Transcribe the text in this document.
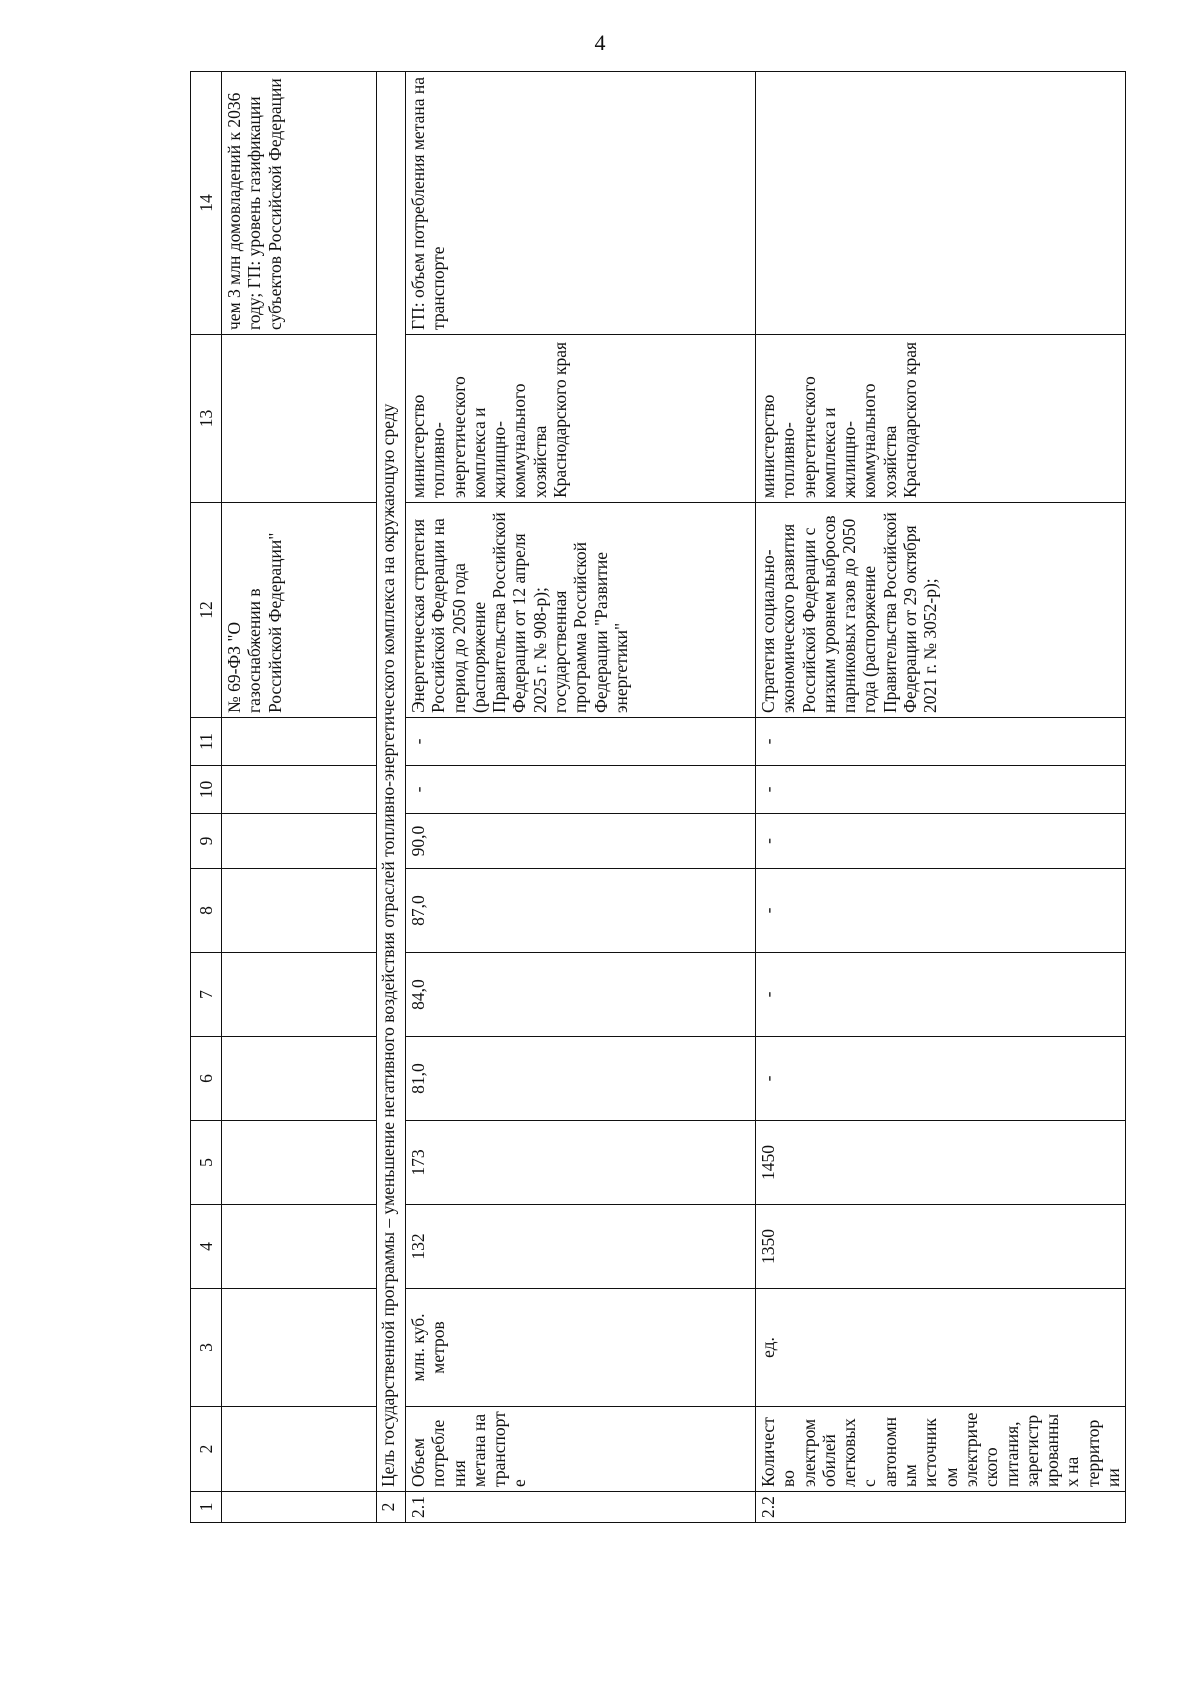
4
1	2	3	4	5	6	7	8	9	10	11	12	13	14
											№ 69-ФЗ "О газоснабжении в Российской Федерации"		чем 3 млн домовладений к 2036 году; ГП: уровень газификации субъектов Российской Федерации
2	Цель государственной программы – уменьшение негативного воздействия отраслей топливно-энергетического комплекса на окружающую среду												
2.1	Объем потребления метана на транспорте	млн. куб. метров	132	173	81,0	84,0	87,0	90,0	-	-	Энергетическая стратегия Российской Федерации на период до 2050 года (распоряжение Правительства Российской Федерации от 12 апреля 2025 г. № 908-р); государственная программа Российской Федерации "Развитие энергетики"	министерство топливно-энергетического комплекса и жилищно-коммунального хозяйства Краснодарского края	ГП: объем потребления метана на транспорте
2.2	Количество электромобилей легковых с автономным источником электрического питания, зарегистрированных на территории	ед.	1350	1450	-	-	-	-	-	-	Стратегия социально-экономического развития Российской Федерации с низким уровнем выбросов парниковых газов до 2050 года (распоряжение Правительства Российской Федерации от 29 октября 2021 г. № 3052-р);	министерство топливно-энергетического комплекса и жилищно-коммунального хозяйства Краснодарского края	
